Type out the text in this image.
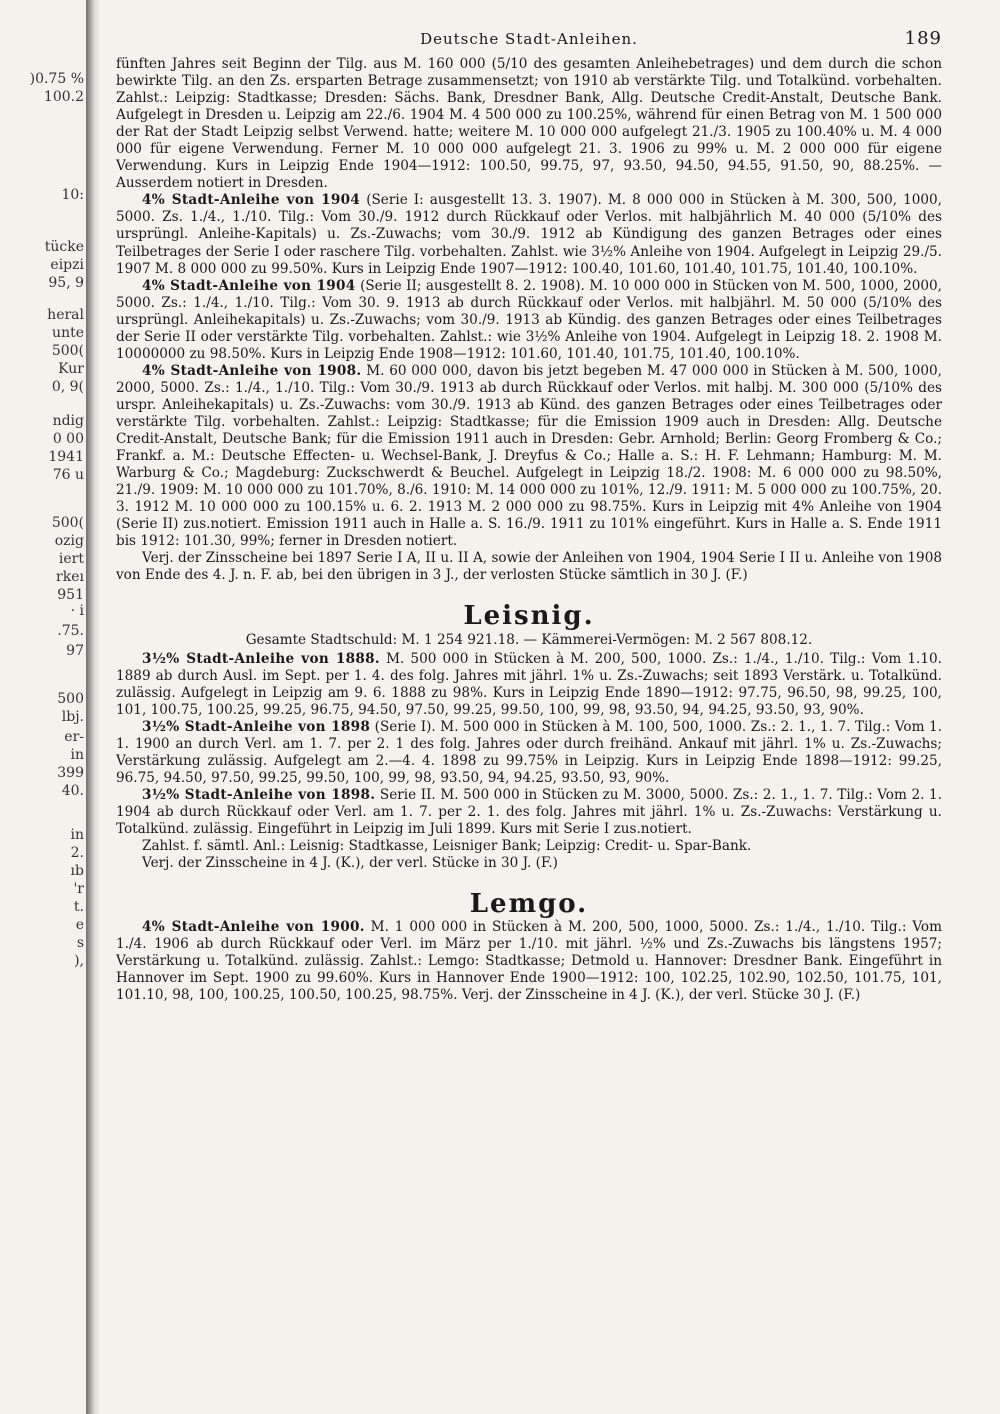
)0.75 %
100.2
10:
tücke
eipzi
95, 9
heral
unte
500(
Kur
0, 9(
ndig
0 00
1941
76 u
500(
ozig
iert
rkeı
951
· i
.75.
97
500
lbj.
er-
in
399
40.
in
2.
ıb
'r
t.
e
s
),
Deutsche Stadt-Anleihen.	189

fünften Jahres seit Beginn der Tilg. aus M. 160 000 (5/10 des gesamten Anleihebetrages) und dem durch die schon bewirkte Tilg. an den Zs. ersparten Betrage zusammensetzt; von 1910 ab verstärkte Tilg. und Totalkünd. vorbehalten. Zahlst.: Leipzig: Stadtkasse; Dresden: Sächs. Bank, Dresdner Bank, Allg. Deutsche Credit-Anstalt, Deutsche Bank. Aufgelegt in Dresden u. Leipzig am 22./6. 1904 M. 4 500 000 zu 100.25%, während für einen Betrag von M. 1 500 000 der Rat der Stadt Leipzig selbst Verwend. hatte; weitere M. 10 000 000 aufgelegt 21./3. 1905 zu 100.40% u. M. 4 000 000 für eigene Verwendung. Ferner M. 10 000 000 aufgelegt 21. 3. 1906 zu 99% u. M. 2 000 000 für eigene Verwendung. Kurs in Leipzig Ende 1904—1912: 100.50, 99.75, 97, 93.50, 94.50, 94.55, 91.50, 90, 88.25%. — Ausserdem notiert in Dresden.

4% Stadt-Anleihe von 1904 (Serie I: ausgestellt 13. 3. 1907). M. 8 000 000 in Stücken à M. 300, 500, 1000, 5000. Zs. 1./4., 1./10. Tilg.: Vom 30./9. 1912 durch Rückkauf oder Verlos. mit halbjährlich M. 40 000 (5/10% des ursprüngl. Anleihe-Kapitals) u. Zs.-Zuwachs; vom 30./9. 1912 ab Kündigung des ganzen Betrages oder eines Teilbetrages der Serie I oder raschere Tilg. vorbehalten. Zahlst. wie 3½% Anleihe von 1904. Aufgelegt in Leipzig 29./5. 1907 M. 8 000 000 zu 99.50%. Kurs in Leipzig Ende 1907—1912: 100.40, 101.60, 101.40, 101.75, 101.40, 100.10%.

4% Stadt-Anleihe von 1904 (Serie II; ausgestellt 8. 2. 1908). M. 10 000 000 in Stücken von M. 500, 1000, 2000, 5000. Zs.: 1./4., 1./10. Tilg.: Vom 30. 9. 1913 ab durch Rückkauf oder Verlos. mit halbjährl. M. 50 000 (5/10% des ursprüngl. Anleihekapitals) u. Zs.-Zuwachs; vom 30./9. 1913 ab Kündig. des ganzen Betrages oder eines Teilbetrages der Serie II oder verstärkte Tilg. vorbehalten. Zahlst.: wie 3½% Anleihe von 1904. Aufgelegt in Leipzig 18. 2. 1908 M. 10000000 zu 98.50%. Kurs in Leipzig Ende 1908—1912: 101.60, 101.40, 101.75, 101.40, 100.10%.

4% Stadt-Anleihe von 1908. M. 60 000 000, davon bis jetzt begeben M. 47 000 000 in Stücken à M. 500, 1000, 2000, 5000. Zs.: 1./4., 1./10. Tilg.: Vom 30./9. 1913 ab durch Rückkauf oder Verlos. mit halbj. M. 300 000 (5/10% des urspr. Anleihekapitals) u. Zs.-Zuwachs: vom 30./9. 1913 ab Künd. des ganzen Betrages oder eines Teilbetrages oder verstärkte Tilg. vorbehalten. Zahlst.: Leipzig: Stadtkasse; für die Emission 1909 auch in Dresden: Allg. Deutsche Credit-Anstalt, Deutsche Bank; für die Emission 1911 auch in Dresden: Gebr. Arnhold; Berlin: Georg Fromberg & Co.; Frankf. a. M.: Deutsche Effecten- u. Wechsel-Bank, J. Dreyfus & Co.; Halle a. S.: H. F. Lehmann; Hamburg: M. M. Warburg & Co.; Magdeburg: Zuckschwerdt & Beuchel. Aufgelegt in Leipzig 18./2. 1908: M. 6 000 000 zu 98.50%, 21./9. 1909: M. 10 000 000 zu 101.70%, 8./6. 1910: M. 14 000 000 zu 101%, 12./9. 1911: M. 5 000 000 zu 100.75%, 20. 3. 1912 M. 10 000 000 zu 100.15% u. 6. 2. 1913 M. 2 000 000 zu 98.75%. Kurs in Leipzig mit 4% Anleihe von 1904 (Serie II) zus.notiert. Emission 1911 auch in Halle a. S. 16./9. 1911 zu 101% eingeführt. Kurs in Halle a. S. Ende 1911 bis 1912: 101.30, 99%; ferner in Dresden notiert.

Verj. der Zinsscheine bei 1897 Serie I A, II u. II A, sowie der Anleihen von 1904, 1904 Serie I II u. Anleihe von 1908 von Ende des 4. J. n. F. ab, bei den übrigen in 3 J., der verlosten Stücke sämtlich in 30 J. (F.)

Leisnig.
Gesamte Stadtschuld: M. 1 254 921.18. — Kämmerei-Vermögen: M. 2 567 808.12.

3½% Stadt-Anleihe von 1888. M. 500 000 in Stücken à M. 200, 500, 1000. Zs.: 1./4., 1./10. Tilg.: Vom 1.10. 1889 ab durch Ausl. im Sept. per 1. 4. des folg. Jahres mit jährl. 1% u. Zs.-Zuwachs; seit 1893 Verstärk. u. Totalkünd. zulässig. Aufgelegt in Leipzig am 9. 6. 1888 zu 98%. Kurs in Leipzig Ende 1890—1912: 97.75, 96.50, 98, 99.25, 100, 101, 100.75, 100.25, 99.25, 96.75, 94.50, 97.50, 99.25, 99.50, 100, 99, 98, 93.50, 94, 94.25, 93.50, 93, 90%.

3½% Stadt-Anleihe von 1898 (Serie I). M. 500 000 in Stücken à M. 100, 500, 1000. Zs.: 2. 1., 1. 7. Tilg.: Vom 1. 1. 1900 an durch Verl. am 1. 7. per 2. 1 des folg. Jahres oder durch freihänd. Ankauf mit jährl. 1% u. Zs.-Zuwachs; Verstärkung zulässig. Aufgelegt am 2.—4. 4. 1898 zu 99.75% in Leipzig. Kurs in Leipzig Ende 1898—1912: 99.25, 96.75, 94.50, 97.50, 99.25, 99.50, 100, 99, 98, 93.50, 94, 94.25, 93.50, 93, 90%.

3½% Stadt-Anleihe von 1898. Serie II. M. 500 000 in Stücken zu M. 3000, 5000. Zs.: 2. 1., 1. 7. Tilg.: Vom 2. 1. 1904 ab durch Rückkauf oder Verl. am 1. 7. per 2. 1. des folg. Jahres mit jährl. 1% u. Zs.-Zuwachs: Verstärkung u. Totalkünd. zulässig. Eingeführt in Leipzig im Juli 1899. Kurs mit Serie I zus.notiert.

Zahlst. f. sämtl. Anl.: Leisnig: Stadtkasse, Leisniger Bank; Leipzig: Credit- u. Spar-Bank.

Verj. der Zinsscheine in 4 J. (K.), der verl. Stücke in 30 J. (F.)

Lemgo.

4% Stadt-Anleihe von 1900. M. 1 000 000 in Stücken à M. 200, 500, 1000, 5000. Zs.: 1./4., 1./10. Tilg.: Vom 1./4. 1906 ab durch Rückkauf oder Verl. im März per 1./10. mit jährl. ½% und Zs.-Zuwachs bis längstens 1957; Verstärkung u. Totalkünd. zulässig. Zahlst.: Lemgo: Stadtkasse; Detmold u. Hannover: Dresdner Bank. Eingeführt in Hannover im Sept. 1900 zu 99.60%. Kurs in Hannover Ende 1900—1912: 100, 102.25, 102.90, 102.50, 101.75, 101, 101.10, 98, 100, 100.25, 100.50, 100.25, 98.75%. Verj. der Zinsscheine in 4 J. (K.), der verl. Stücke 30 J. (F.)
